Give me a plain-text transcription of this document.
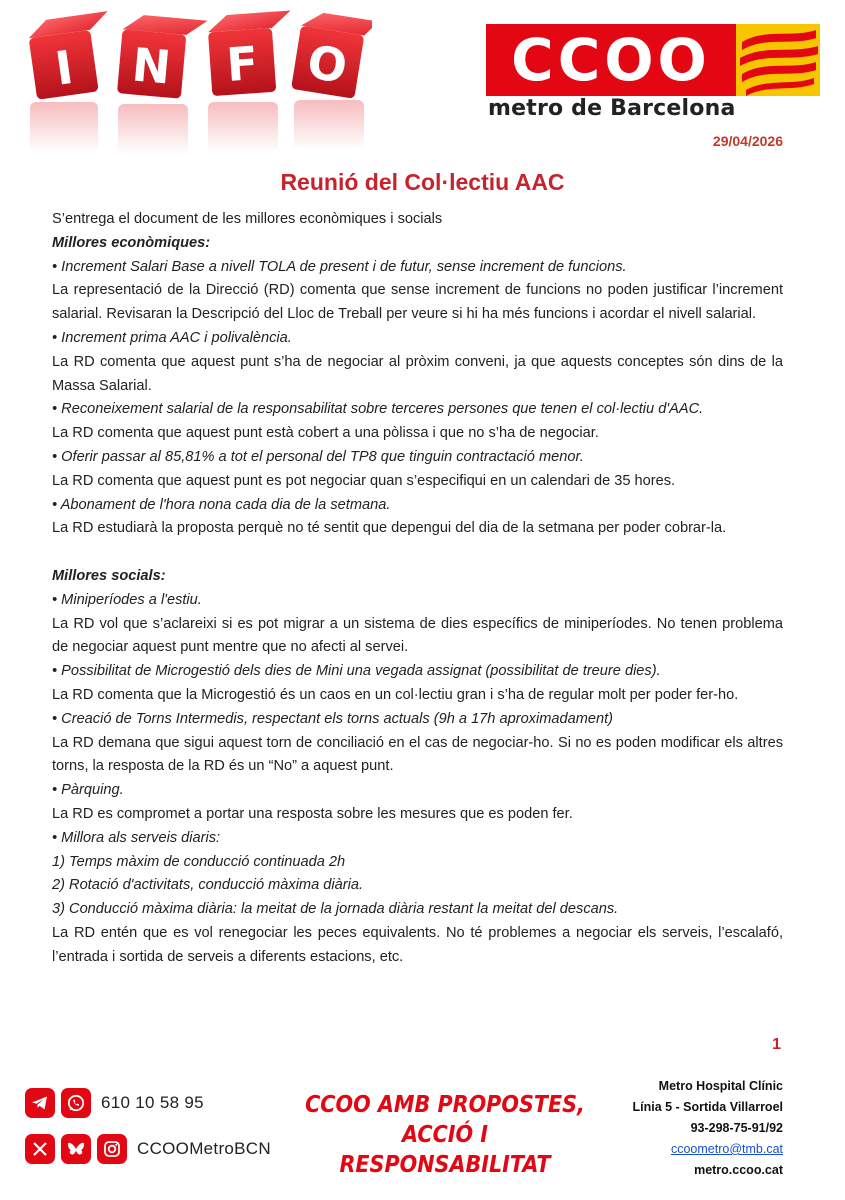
I N F O	CCOO
metro de Barcelona
29/04/2026
Reunió del Col·lectiu AAC

S’entrega el document de les millores econòmiques i socials

Millores econòmiques:

• Increment Salari Base a nivell TOLA de present i de futur, sense increment de funcions.

La representació de la Direcció (RD) comenta que sense increment de funcions no poden justificar l’increment salarial. Revisaran la Descripció del Lloc de Treball per veure si hi ha més funcions i acordar el nivell salarial.

• Increment prima AAC i polivalència.

La RD comenta que aquest punt s’ha de negociar al pròxim conveni, ja que aquests conceptes són dins de la Massa Salarial.

• Reconeixement salarial de la responsabilitat sobre terceres persones que tenen el col·lectiu d'AAC.

La RD comenta que aquest punt està cobert a una pòlissa i que no s’ha de negociar.

• Oferir passar al 85,81% a tot el personal del TP8 que tinguin contractació menor.

La RD comenta que aquest punt es pot negociar quan s’especifiqui en un calendari de 35 hores.

• Abonament de l'hora nona cada dia de la setmana.

La RD estudiarà la proposta perquè no té sentit que depengui del dia de la setmana per poder cobrar-la.

Millores socials:

• Miniperíodes a l'estiu.

La RD vol que s’aclareixi si es pot migrar a un sistema de dies específics de miniperíodes. No tenen problema de negociar aquest punt mentre que no afecti al servei.

• Possibilitat de Microgestió dels dies de Mini una vegada assignat (possibilitat de treure dies).

La RD comenta que la Microgestió és un caos en un col·lectiu gran i s’ha de regular molt per poder fer-ho.

• Creació de Torns Intermedis, respectant els torns actuals (9h a 17h aproximadament)

La RD demana que sigui aquest torn de conciliació en el cas de negociar-ho. Si no es poden modificar els altres torns, la resposta de la RD és un “No” a aquest punt.

• Pàrquing.

La RD es compromet a portar una resposta sobre les mesures que es poden fer.

• Millora als serveis diaris:

1) Temps màxim de conducció continuada 2h

2) Rotació d'activitats, conducció màxima diària.

3) Conducció màxima diària: la meitat de la jornada diària restant la meitat del descans.

La RD entén que es vol renegociar les peces equivalents. No té problemes a negociar els serveis, l’escalafó, l’entrada i sortida de serveis a diferents estacions, etc.

1
610 10 58 95
CCOOMetroBCN
CCOO AMB PROPOSTES,
ACCIÓ I RESPONSABILITAT
Metro Hospital Clínic
Línia 5 - Sortida Villarroel
93-298-75-91/92
ccoometro@tmb.cat
metro.ccoo.cat
